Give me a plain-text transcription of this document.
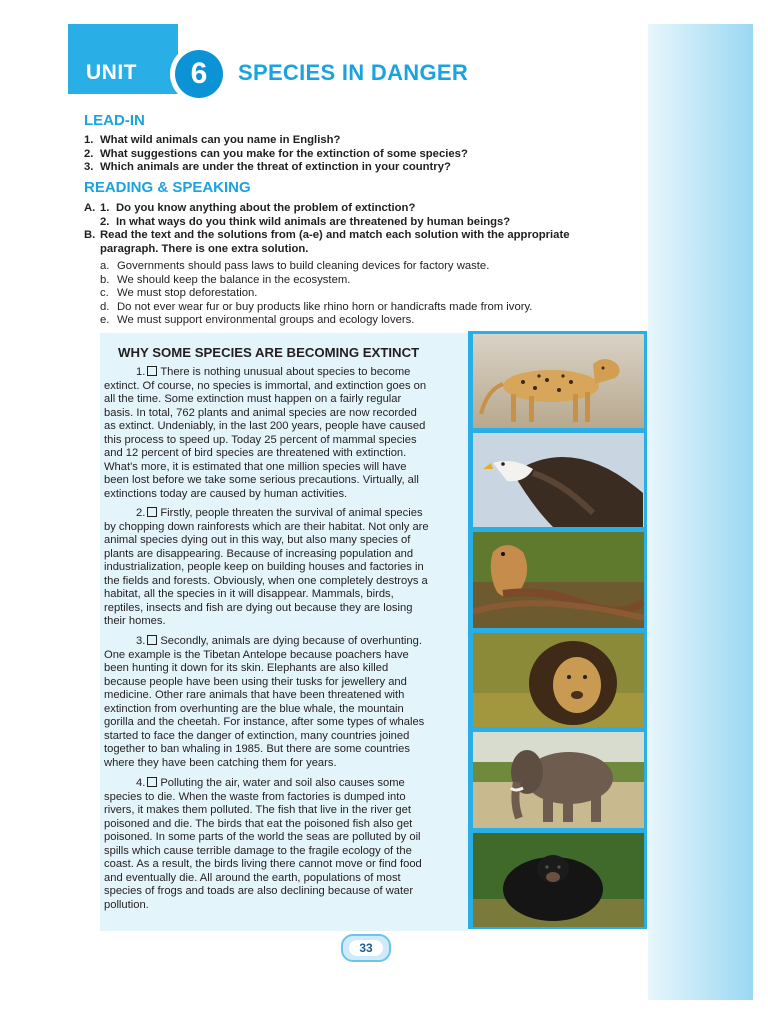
UNIT	6	SPECIES IN DANGER
LEAD-IN
1. What wild animals can you name in English?
2. What suggestions can you make for the extinction of some species?
3. Which animals are under the threat of extinction in your country?
READING & SPEAKING
A. 1. Do you know anything about the problem of extinction?
2. In what ways do you think wild animals are threatened by human beings?
B. Read the text and the solutions from (a-e) and match each solution with the appropriate
paragraph. There is one extra solution.
a. Governments should pass laws to build cleaning devices for factory waste.
b. We should keep the balance in the ecosystem.
c. We must stop deforestation.
d. Do not ever wear fur or buy products like rhino horn or handicrafts made from ivory.
e. We must support environmental groups and ecology lovers.
WHY SOME SPECIES ARE BECOMING EXTINCT
1. There is nothing unusual about species to become
extinct. Of course, no species is immortal, and extinction goes on
all the time. Some extinction must happen on a fairly regular
basis. In total, 762 plants and animal species are now recorded
as extinct. Undeniably, in the last 200 years, people have caused
this process to speed up. Today 25 percent of mammal species
and 12 percent of bird species are threatened with extinction.
What's more, it is estimated that one million species will have
been lost before we take some serious precautions. Virtually, all
extinctions today are caused by human activities.
2. Firstly, people threaten the survival of animal species
by chopping down rainforests which are their habitat. Not only are
animal species dying out in this way, but also many species of
plants are disappearing. Because of increasing population and
industrialization, people keep on building houses and factories in
the fields and forests. Obviously, when one completely destroys a
habitat, all the species in it will disappear. Mammals, birds,
reptiles, insects and fish are dying out because they are losing
their homes.
3. Secondly, animals are dying because of overhunting.
One example is the Tibetan Antelope because poachers have
been hunting it down for its skin. Elephants are also killed
because people have been using their tusks for jewellery and
medicine. Other rare animals that have been threatened with
extinction from overhunting are the blue whale, the mountain
gorilla and the cheetah. For instance, after some types of whales
started to face the danger of extinction, many countries joined
together to ban whaling in 1985. But there are some countries
where they have been catching them for years.
4. Polluting the air, water and soil also causes some
species to die. When the waste from factories is dumped into
rivers, it makes them polluted. The fish that live in the river get
poisoned and die. The birds that eat the poisoned fish also get
poisoned. In some parts of the world the seas are polluted by oil
spills which cause terrible damage to the fragile ecology of the
coast. As a result, the birds living there cannot move or find food
and eventually die. All around the earth, populations of most
species of frogs and toads are also declining because of water
pollution.
33
